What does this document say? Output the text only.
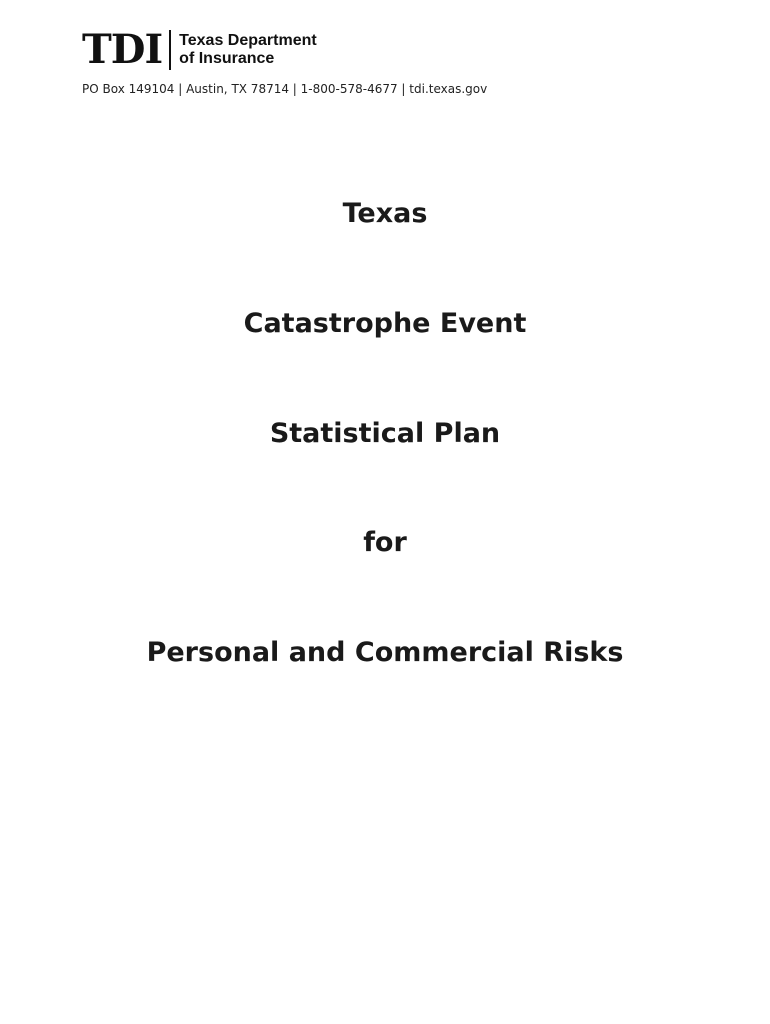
TDI Texas Department
of Insurance
PO Box 149104 | Austin, TX 78714 | 1-800-578-4677 | tdi.texas.gov
Texas
Catastrophe Event
Statistical Plan
for
Personal and Commercial Risks
